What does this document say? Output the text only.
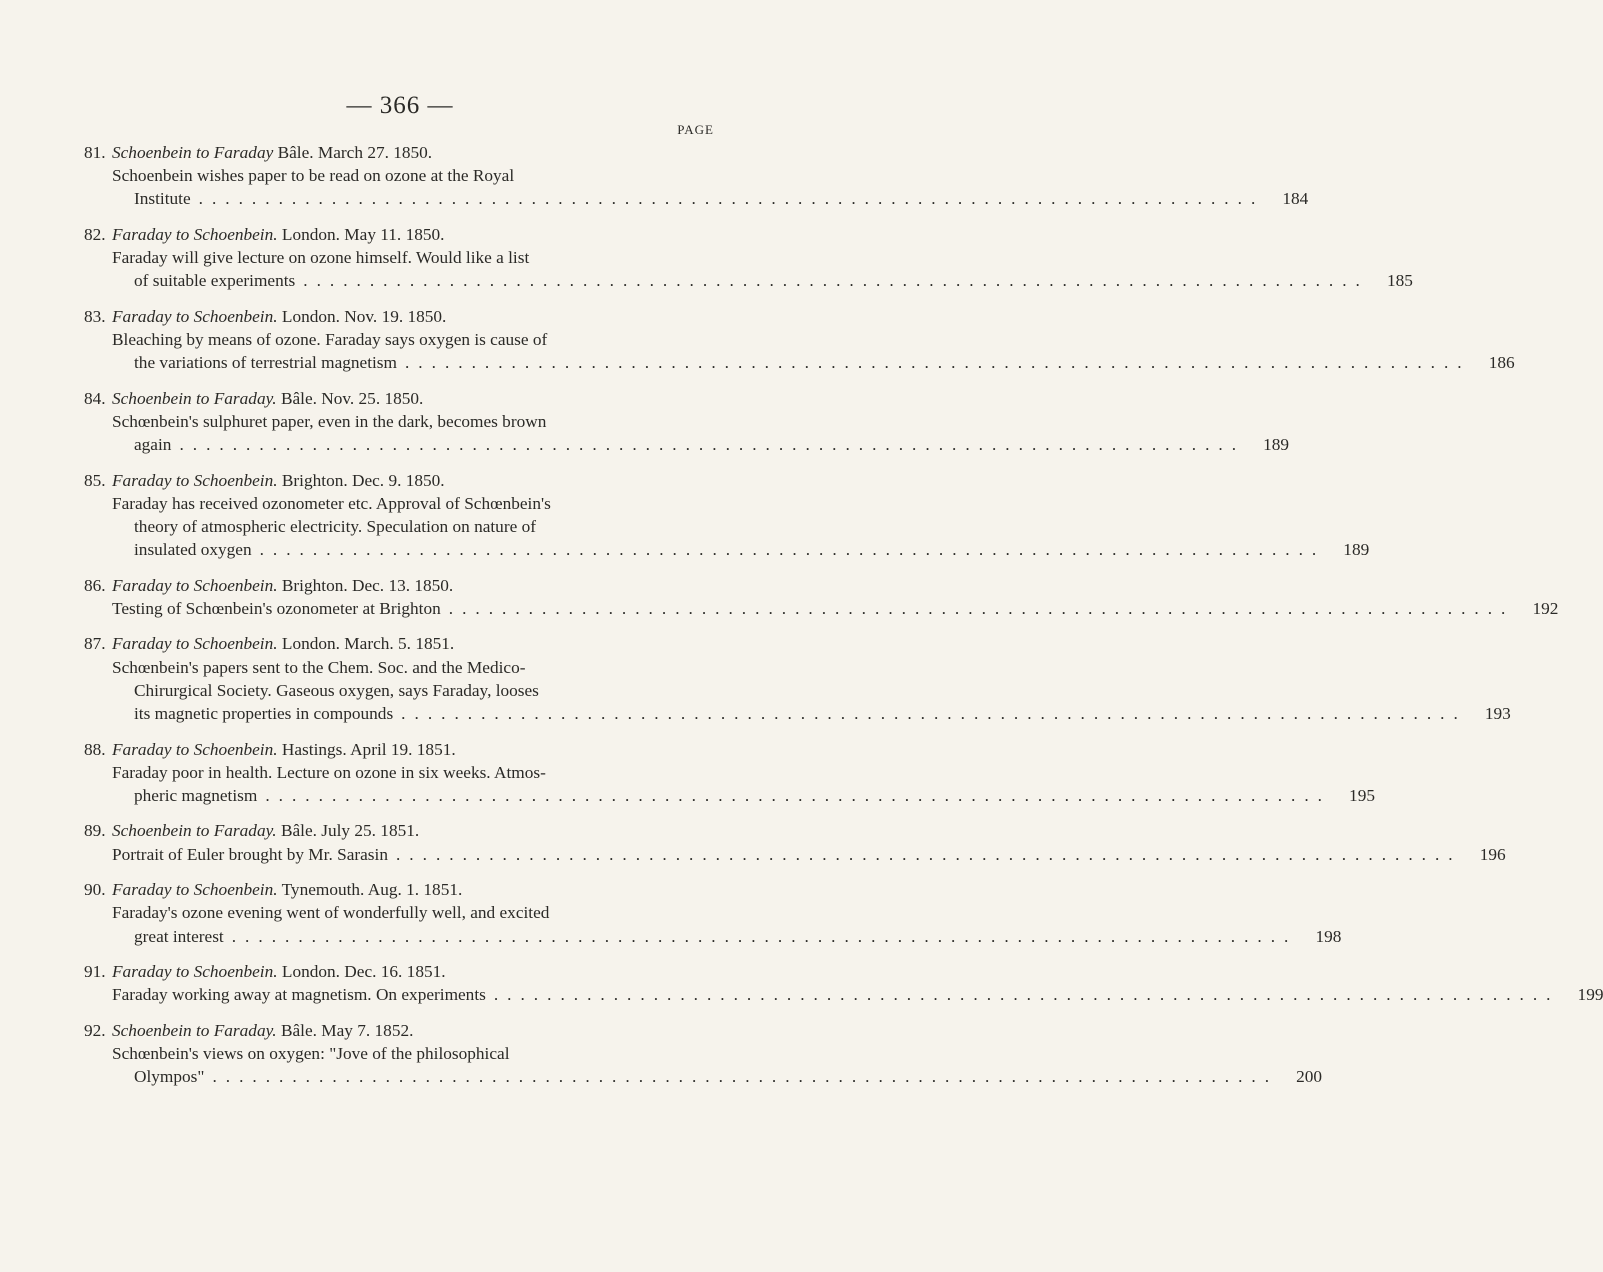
— 366 —
PAGE
81. Schoenbein to Faraday Bâle. March 27. 1850.
Schoenbein wishes paper to be read on ozone at the Royal
Institute ................................................................................	184
82. Faraday to Schoenbein. London. May 11. 1850.
Faraday will give lecture on ozone himself. Would like a list
of suitable experiments ................................................................................	185
83. Faraday to Schoenbein. London. Nov. 19. 1850.
Bleaching by means of ozone. Faraday says oxygen is cause of
the variations of terrestrial magnetism ................................................................................	186
84. Schoenbein to Faraday. Bâle. Nov. 25. 1850.
Schœnbein's sulphuret paper, even in the dark, becomes brown
again ................................................................................	189
85. Faraday to Schoenbein. Brighton. Dec. 9. 1850.
Faraday has received ozonometer etc. Approval of Schœnbein's
theory of atmospheric electricity. Speculation on nature of
insulated oxygen ................................................................................	189
86. Faraday to Schoenbein. Brighton. Dec. 13. 1850.
Testing of Schœnbein's ozonometer at Brighton ................................................................................	192
87. Faraday to Schoenbein. London. March. 5. 1851.
Schœnbein's papers sent to the Chem. Soc. and the Medico-
Chirurgical Society. Gaseous oxygen, says Faraday, looses
its magnetic properties in compounds ................................................................................	193
88. Faraday to Schoenbein. Hastings. April 19. 1851.
Faraday poor in health. Lecture on ozone in six weeks. Atmos-
pheric magnetism ................................................................................	195
89. Schoenbein to Faraday. Bâle. July 25. 1851.
Portrait of Euler brought by Mr. Sarasin ................................................................................	196
90. Faraday to Schoenbein. Tynemouth. Aug. 1. 1851.
Faraday's ozone evening went of wonderfully well, and excited
great interest ................................................................................	198
91. Faraday to Schoenbein. London. Dec. 16. 1851.
Faraday working away at magnetism. On experiments ................................................................................	199
92. Schoenbein to Faraday. Bâle. May 7. 1852.
Schœnbein's views on oxygen: "Jove of the philosophical
Olympos" ................................................................................	200
